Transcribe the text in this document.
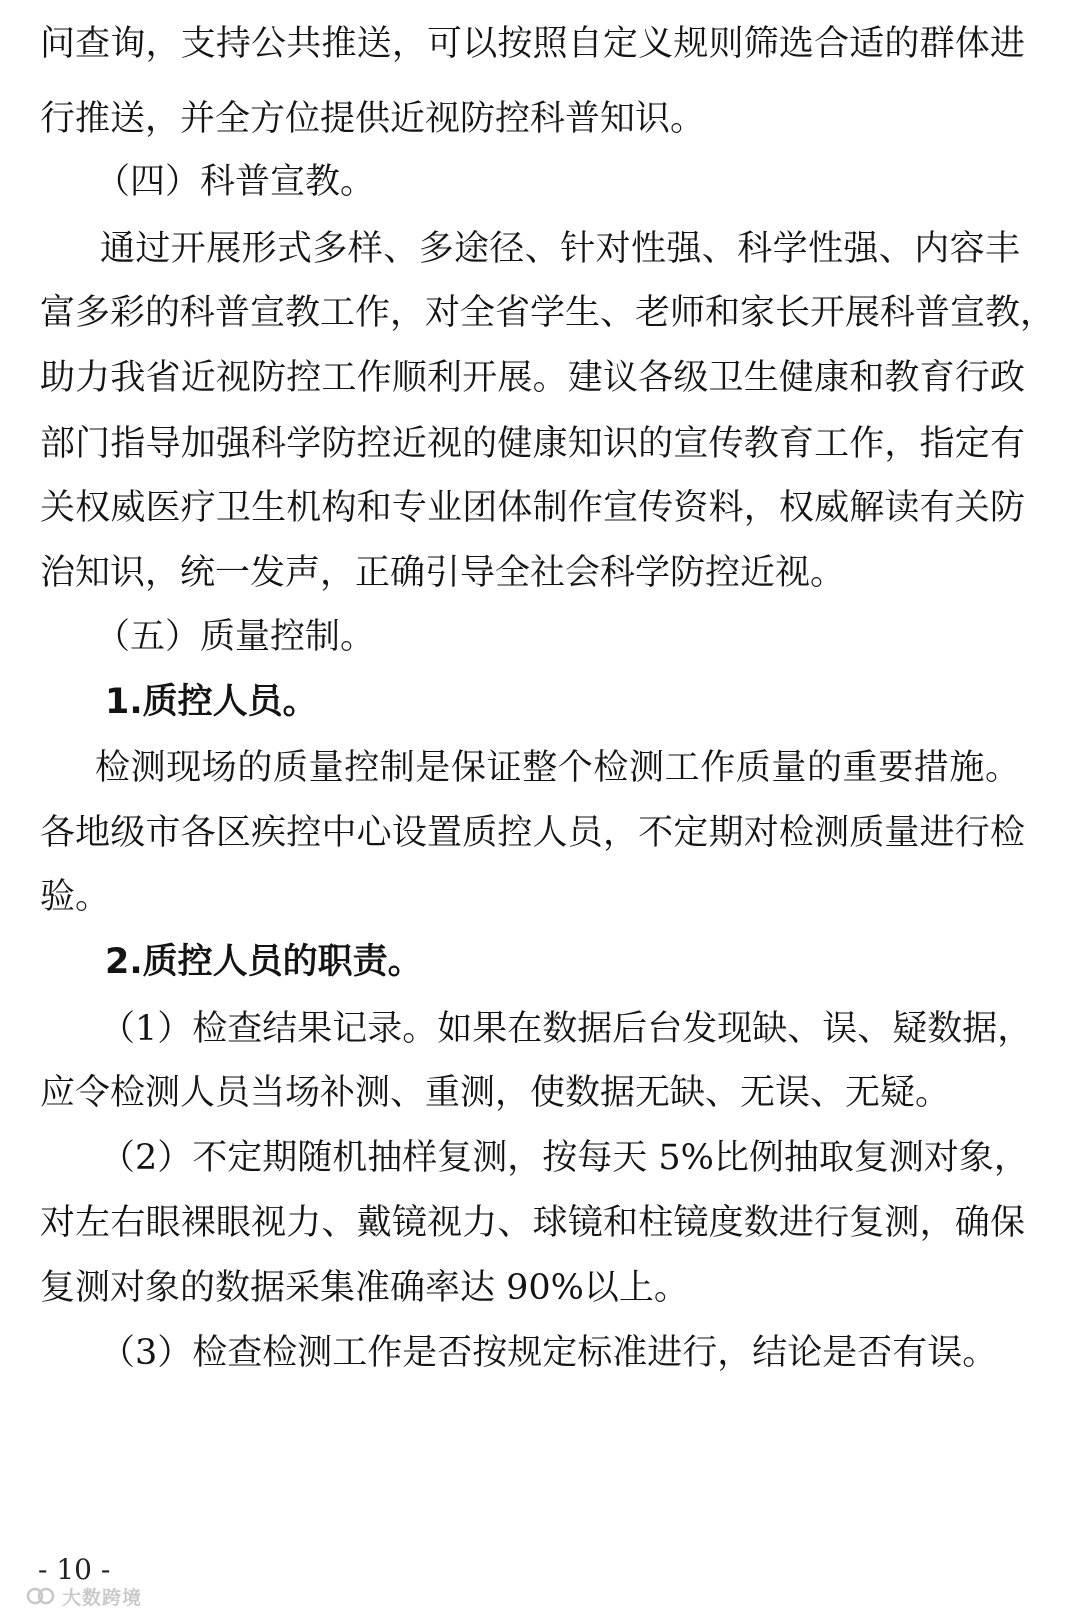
问查询，支持公共推送，可以按照自定义规则筛选合适的群体进
行推送，并全方位提供近视防控科普知识。
（四）科普宣教。
通过开展形式多样、多途径、针对性强、科学性强、内容丰
富多彩的科普宣教工作，对全省学生、老师和家长开展科普宣教，
助力我省近视防控工作顺利开展。建议各级卫生健康和教育行政
部门指导加强科学防控近视的健康知识的宣传教育工作，指定有
关权威医疗卫生机构和专业团体制作宣传资料，权威解读有关防
治知识，统一发声，正确引导全社会科学防控近视。
（五）质量控制。
1.质控人员。
检测现场的质量控制是保证整个检测工作质量的重要措施。
各地级市各区疾控中心设置质控人员，不定期对检测质量进行检
验。
2.质控人员的职责。
（1）检查结果记录。如果在数据后台发现缺、误、疑数据，
应令检测人员当场补测、重测，使数据无缺、无误、无疑。
（2）不定期随机抽样复测，按每天 5%比例抽取复测对象，
对左右眼裸眼视力、戴镜视力、球镜和柱镜度数进行复测，确保
复测对象的数据采集准确率达 90%以上。
（3）检查检测工作是否按规定标准进行，结论是否有误。
- 10 -
大数跨境
